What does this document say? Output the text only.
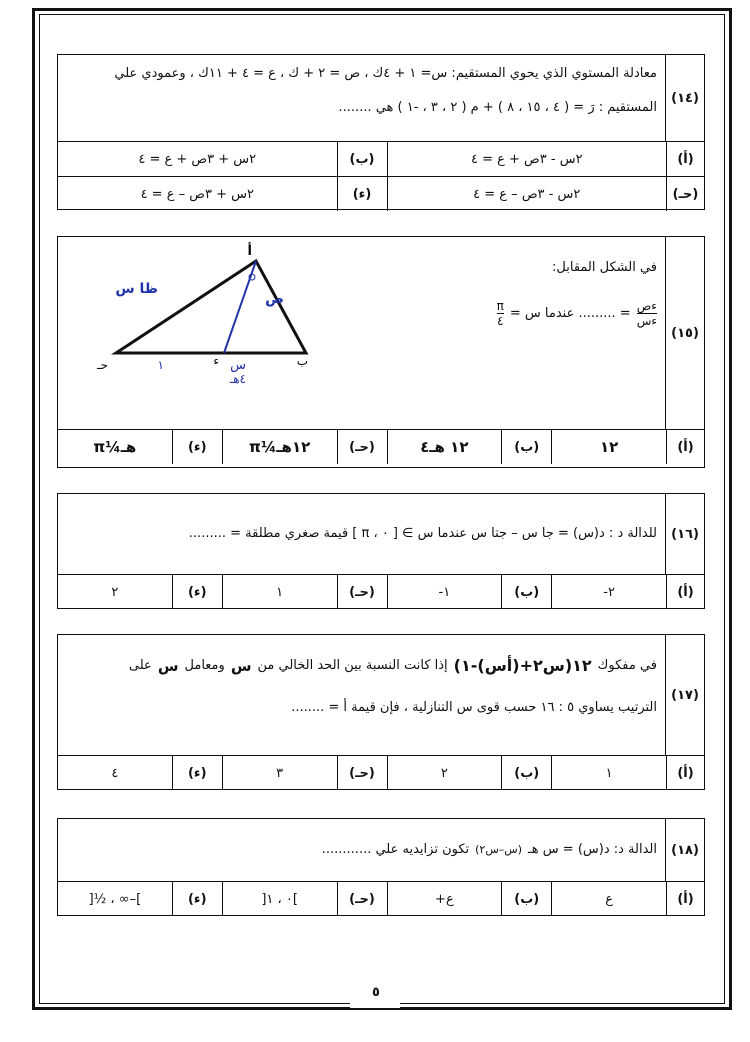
(١٤)
معادلة المستوي الذي يحوي المستقيم: س= ١ + ٤ك ، ص = ٢ + ك ، ع = ٤ + ١١ك ، وعمودي علي
المستقيم : رَ = ( ٤ ، ١٥ ، ٨ ) + م ( ٢ ، ٣ ، -١ ) هي ........
(أ)
٢س - ٣ص + ع = ٤
(ب)
٢س + ٣ص + ع = ٤
(حـ)
٢س - ٣ص – ع = ٤
(ء)
٢س + ٣ص – ع = ٤
(١٥)
في الشكل المقابل:
ءص
ءس
= ......... عندما س =
π
٤
أ
ب
حـ	ء
ظا س
ص
١	س
٤هـ
(أ)
١٢
(ب)
١٢ هـ٤
(حـ)
١٢هـ¼π
(ء)
هـ¼π
(١٦)
للدالة د : د(س) = جا س – جتا س عندما س ∋ [ ٠ ، π ] قيمة صغري مطلقة = .........
(أ)
٢-
(ب)
١-
(حـ)
١
(ء)
٢
(١٧)
في مفكوك
(س٢+(أس)-١)١٢
إذا كانت النسبة بين الحد الخالي من
س
ومعامل
س
على
الترتيب يساوي ٥ : ١٦ حسب قوى س التنازلية ، فإن قيمة أ = ........
(أ)
١
(ب)
٢
(حـ)
٣
(ء)
٤
(١٨)
الدالة د: د(س) = س هـ
(س–س٢)
تكون تزايديه علي ............
(أ)
ع
(ب)
ع+
(حـ)
]٠ ، ١[
(ء)
]–∞ ، ½[
٥
